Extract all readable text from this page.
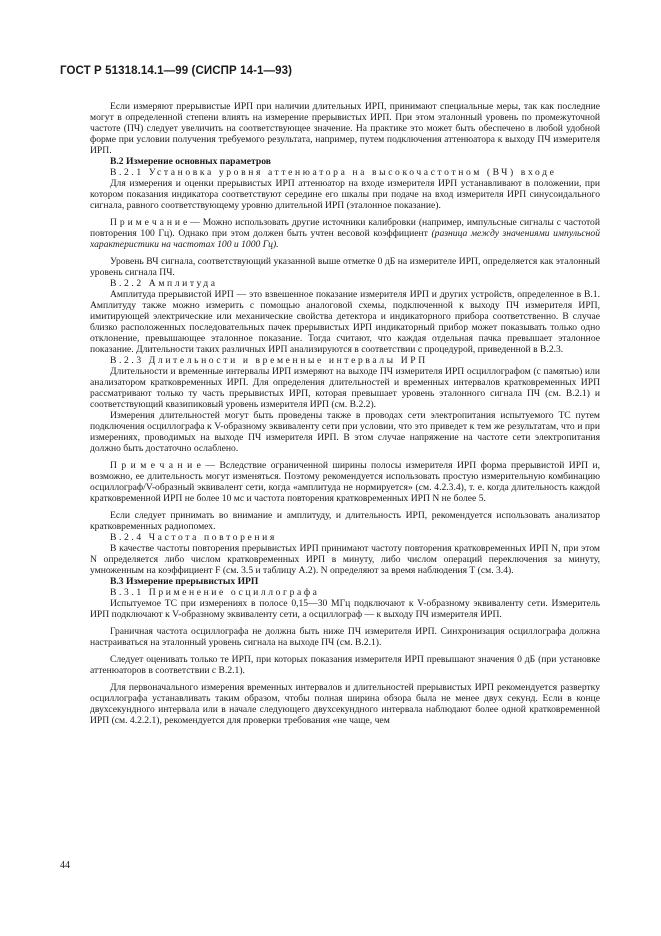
ГОСТ Р 51318.14.1—99 (СИСПР 14-1—93)

Если измеряют прерывистые ИРП при наличии длительных ИРП, принимают специальные меры, так как последние могут в определенной степени влиять на измерение прерывистых ИРП. При этом эталонный уровень по промежуточной частоте (ПЧ) следует увеличить на соответствующее значение. На практике это может быть обеспечено в любой удобной форме при условии получения требуемого результата, например, путем подключения аттенюатора к выходу ПЧ измерителя ИРП.

В.2 Измерение основных параметров

В.2.1 Установка уровня аттенюатора на высокочастотном (ВЧ) входе

Для измерения и оценки прерывистых ИРП аттенюатор на входе измерителя ИРП устанавливают в положении, при котором показания индикатора соответствуют середине его шкалы при подаче на вход измерителя ИРП синусоидального сигнала, равного соответствующему уровню длительной ИРП (эталонное показание).

П р и м е ч а н и е — Можно использовать другие источники калибровки (например, импульсные сигналы с частотой повторения 100 Гц). Однако при этом должен быть учтен весовой коэффициент (разница между значениями импульсной характеристики на частотах 100 и 1000 Гц).

Уровень ВЧ сигнала, соответствующий указанной выше отметке 0 дБ на измерителе ИРП, определяется как эталонный уровень сигнала ПЧ.

В.2.2 Амплитуда

Амплитуда прерывистой ИРП — это взвешенное показание измерителя ИРП и других устройств, определенное в В.1. Амплитуду также можно измерить с помощью аналоговой схемы, подключенной к выходу ПЧ измерителя ИРП, имитирующей электрические или механические свойства детектора и индикаторного прибора соответственно. В случае близко расположенных последовательных пачек прерывистых ИРП индикаторный прибор может показывать только одно отклонение, превышающее эталонное показание. Тогда считают, что каждая отдельная пачка превышает эталонное показание. Длительности таких различных ИРП анализируются в соответствии с процедурой, приведенной в В.2.3.

В.2.3 Длительности и временные интервалы ИРП

Длительности и временные интервалы ИРП измеряют на выходе ПЧ измерителя ИРП осциллографом (с памятью) или анализатором кратковременных ИРП. Для определения длительностей и временных интервалов кратковременных ИРП рассматривают только ту часть прерывистых ИРП, которая превышает уровень эталонного сигнала ПЧ (см. В.2.1) и соответствующий квазипиковый уровень измерителя ИРП (см. В.2.2).

Измерения длительностей могут быть проведены также в проводах сети электропитания испытуемого ТС путем подключения осциллографа к V-образному эквиваленту сети при условии, что это приведет к тем же результатам, что и при измерениях, проводимых на выходе ПЧ измерителя ИРП. В этом случае напряжение на частоте сети электропитания должно быть достаточно ослаблено.

П р и м е ч а н и е — Вследствие ограниченной ширины полосы измерителя ИРП форма прерывистой ИРП и, возможно, ее длительность могут изменяться. Поэтому рекомендуется использовать простую измерительную комбинацию осциллограф/V-образный эквивалент сети, когда «амплитуда не нормируется» (см. 4.2.3.4), т. е. когда длительность каждой кратковременной ИРП не более 10 мс и частота повторения кратковременных ИРП N не более 5.

Если следует принимать во внимание и амплитуду, и длительность ИРП, рекомендуется использовать анализатор кратковременных радиопомех.

В.2.4 Частота повторения

В качестве частоты повторения прерывистых ИРП принимают частоту повторения кратковременных ИРП N, при этом N определяется либо числом кратковременных ИРП в минуту, либо числом операций переключения за минуту, умноженным на коэффициент F (см. 3.5 и таблицу А.2). N определяют за время наблюдения Т (см. 3.4).

В.3 Измерение прерывистых ИРП

В.3.1 Применение осциллографа

Испытуемое ТС при измерениях в полосе 0,15—30 МГц подключают к V-образному эквиваленту сети. Измеритель ИРП подключают к V-образному эквиваленту сети, а осциллограф — к выходу ПЧ измерителя ИРП.

Граничная частота осциллографа не должна быть ниже ПЧ измерителя ИРП. Синхронизация осциллографа должна настраиваться на эталонный уровень сигнала на выходе ПЧ (см. В.2.1).

Следует оценивать только те ИРП, при которых показания измерителя ИРП превышают значения 0 дБ (при установке аттенюаторов в соответствии с В.2.1).

Для первоначального измерения временных интервалов и длительностей прерывистых ИРП рекомендуется развертку осциллографа устанавливать таким образом, чтобы полная ширина обзора была не менее двух секунд. Если в конце двухсекундного интервала или в начале следующего двухсекундного интервала наблюдают более одной кратковременной ИРП (см. 4.2.2.1), рекомендуется для проверки требования «не чаще, чем

44
